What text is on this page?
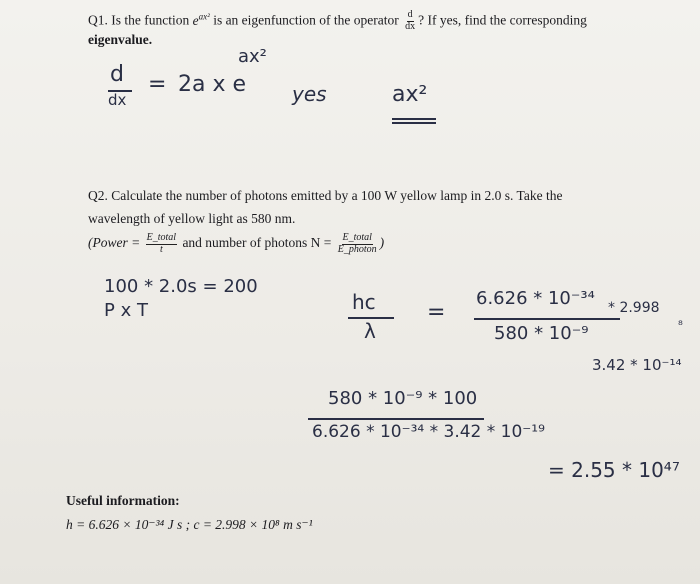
Q1. Is the function $e^{ax^2}$ is an eigenfunction of the operator $\frac{d}{dx}$ ? If yes, find the corresponding
eigenvalue.
d
dx
= 2a x e
ax²
yes	ax²
Q2. Calculate the number of photons emitted by a 100 W yellow lamp in 2.0 s. Take the
wavelength of yellow light as 580 nm.
(Power = $\frac{\text{E\_total}}{t}$ and number of photons $N = \frac{\text{E\_total}}{\text{E\_photon}}$ )
100 * 2.0s = 200
P x T	hc
λ
=
6.626 * 10⁻³⁴ * 2.998
⁸
580 * 10⁻⁹
3.42 * 10⁻¹⁴
580 * 10⁻⁹ * 100
6.626 * 10⁻³⁴ * 3.42 * 10⁻¹⁹
= 2.55 * 10⁴⁷
Useful information:
h = 6.626 × 10⁻³⁴ J s ; c = 2.998 × 10⁸ m s⁻¹
